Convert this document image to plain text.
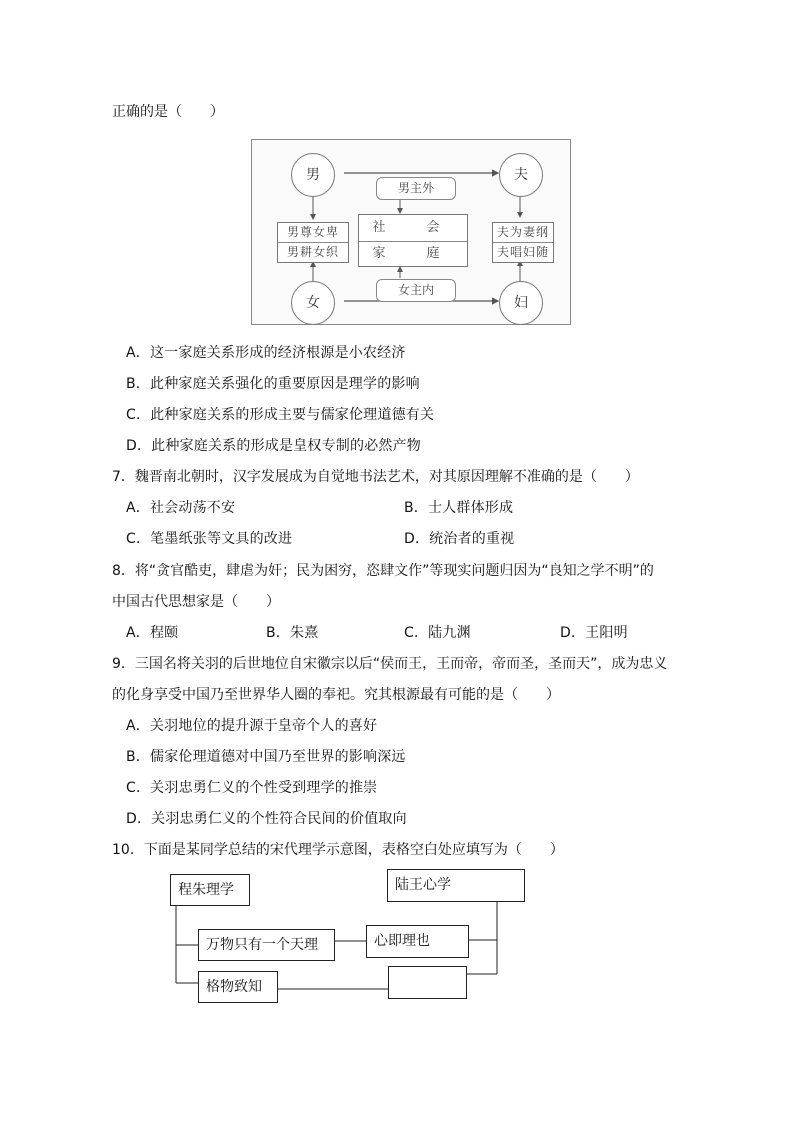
正确的是（　　）
男	夫
女	妇
男主外
女主内
男尊女卑
男耕女织
社　会
家　庭
夫为妻纲
夫唱妇随
A．这一家庭关系形成的经济根源是小农经济
B．此种家庭关系强化的重要原因是理学的影响
C．此种家庭关系的形成主要与儒家伦理道德有关
D．此种家庭关系的形成是皇权专制的必然产物
7．魏晋南北朝时，汉字发展成为自觉地书法艺术，对其原因理解不准确的是（　　）
A．社会动荡不安	B．士人群体形成
C．笔墨纸张等文具的改进	D．统治者的重视
8．将“贪官酷吏，肆虐为奸；民为困穷，恣肆文作”等现实问题归因为“良知之学不明”的
中国古代思想家是（　　）
A．程颐	B．朱熹	C．陆九渊	D．王阳明
9．三国名将关羽的后世地位自宋徽宗以后“侯而王，王而帝，帝而圣，圣而天”，成为忠义
的化身享受中国乃至世界华人圈的奉祀。究其根源最有可能的是（　　）
A．关羽地位的提升源于皇帝个人的喜好
B．儒家伦理道德对中国乃至世界的影响深远
C．关羽忠勇仁义的个性受到理学的推崇
D．关羽忠勇仁义的个性符合民间的价值取向
10．下面是某同学总结的宋代理学示意图，表格空白处应填写为（　　）
程朱理学	陆王心学
万物只有一个天理	心即理也
格物致知
